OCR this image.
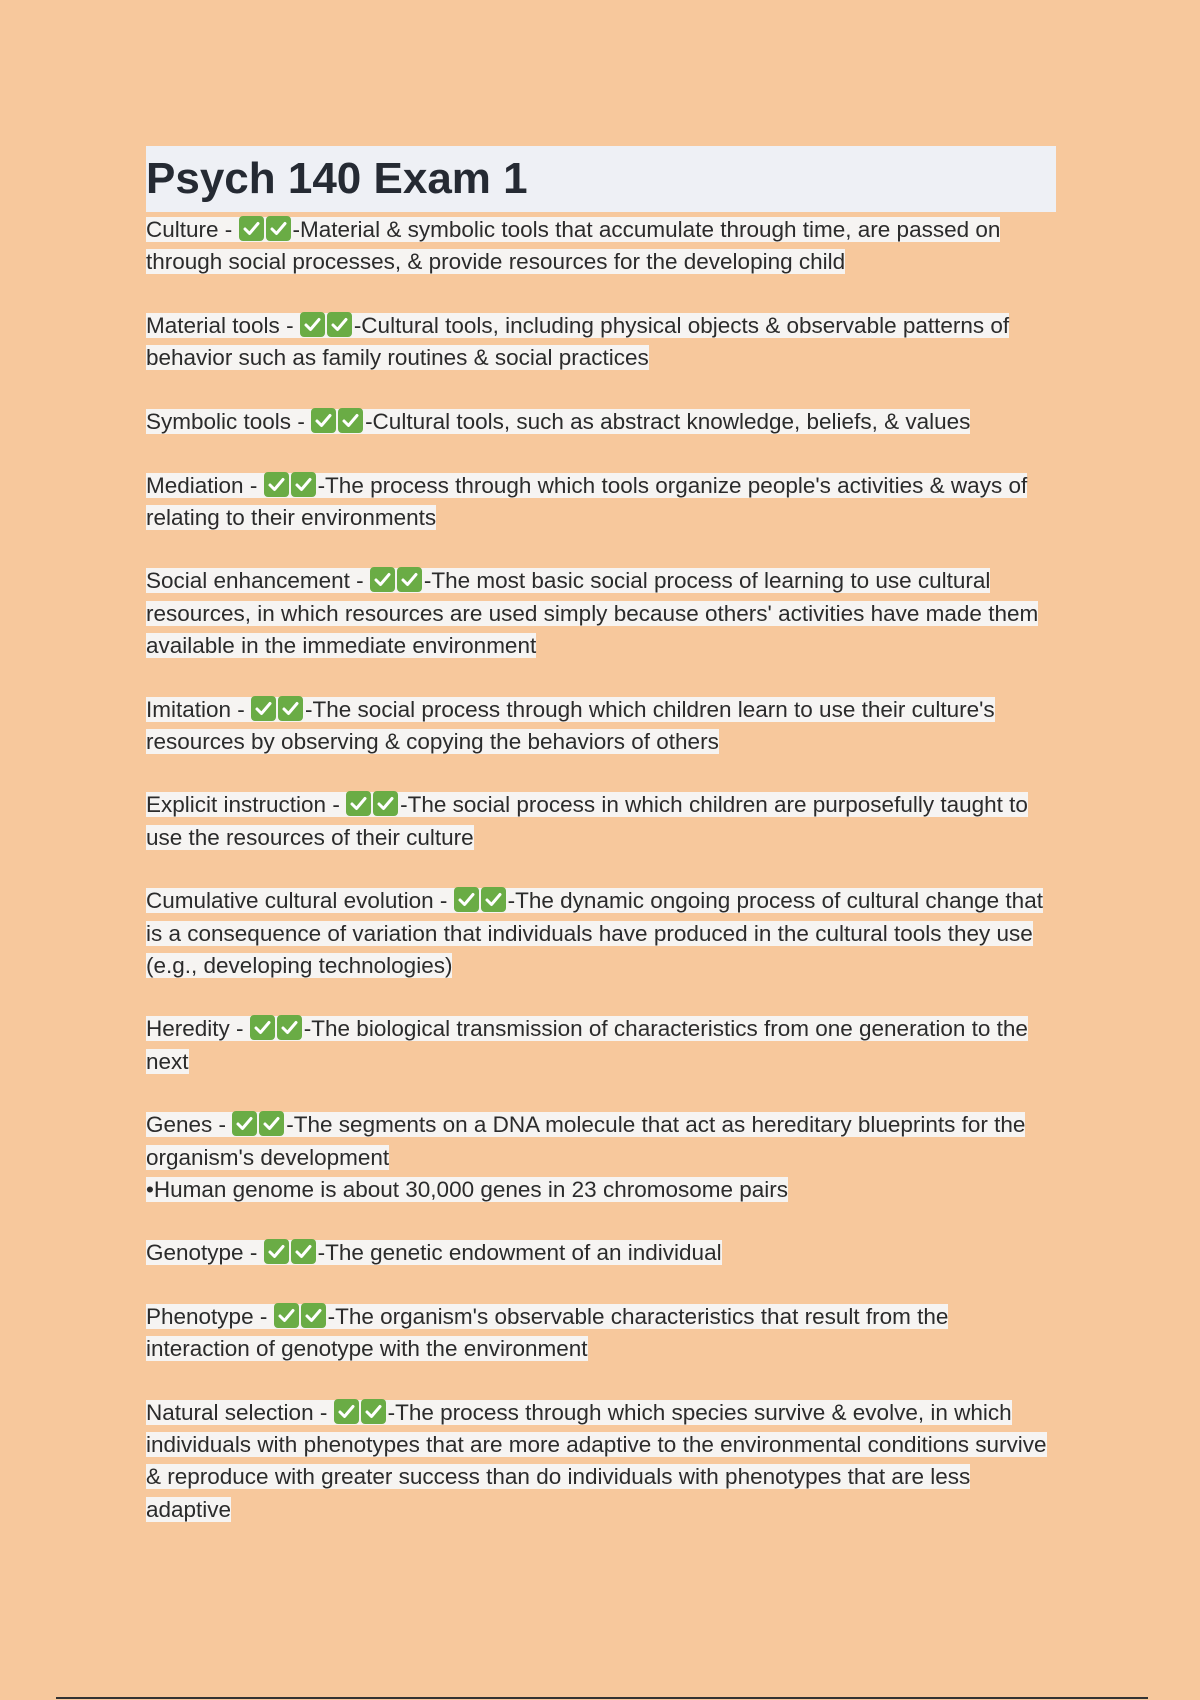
Psych 140 Exam 1

Culture -
-Material & symbolic tools that accumulate through time, are passed on through social processes, & provide resources for the developing child

Material tools -
-Cultural tools, including physical objects & observable patterns of behavior such as family routines & social practices

Symbolic tools -
-Cultural tools, such as abstract knowledge, beliefs, & values

Mediation -
-The process through which tools organize people's activities & ways of relating to their environments

Social enhancement -
-The most basic social process of learning to use cultural resources, in which resources are used simply because others' activities have made them available in the immediate environment

Imitation -
-The social process through which children learn to use their culture's resources by observing & copying the behaviors of others

Explicit instruction -
-The social process in which children are purposefully taught to use the resources of their culture

Cumulative cultural evolution -
-The dynamic ongoing process of cultural change that is a consequence of variation that individuals have produced in the cultural tools they use (e.g., developing technologies)

Heredity -
-The biological transmission of characteristics from one generation to the next

Genes -
-The segments on a DNA molecule that act as hereditary blueprints for the organism's development

•Human genome is about 30,000 genes in 23 chromosome pairs

Genotype -
-The genetic endowment of an individual

Phenotype -
-The organism's observable characteristics that result from the interaction of genotype with the environment

Natural selection -
-The process through which species survive & evolve, in which individuals with phenotypes that are more adaptive to the environmental conditions survive & reproduce with greater success than do individuals with phenotypes that are less adaptive
